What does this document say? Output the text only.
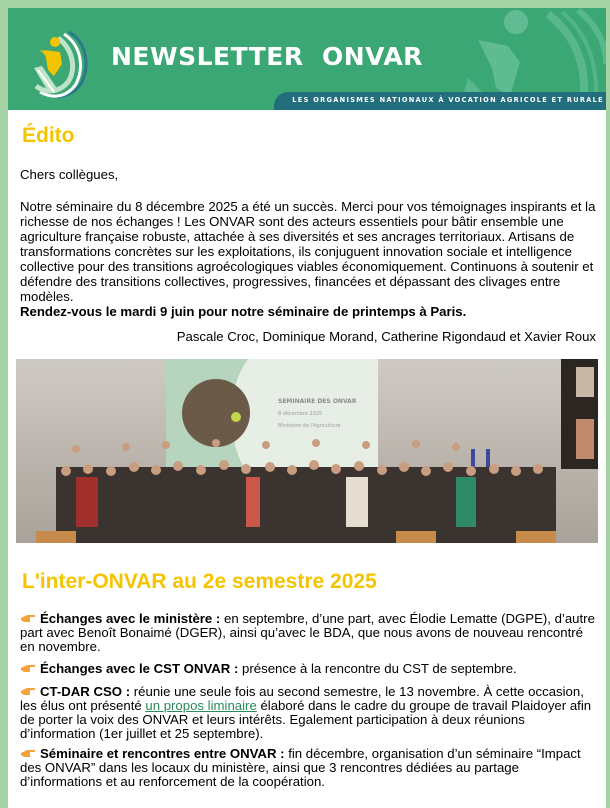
NEWSLETTER  ONVAR
LES ORGANISMES NATIONAUX À VOCATION AGRICOLE ET RURALE
Édito
Chers collègues,
Notre séminaire du 8 décembre 2025 a été un succès. Merci pour vos témoignages inspirants et la richesse de nos échanges ! Les ONVAR sont des acteurs essentiels pour bâtir ensemble une agriculture française robuste, attachée à ses diversités et ses ancrages territoriaux. Artisans de transformations concrètes sur les exploitations, ils conjuguent innovation sociale et intelligence collective pour des transitions agroécologiques viables économiquement. Continuons à soutenir et défendre des transitions collectives, progressives, financées et dépassant des clivages entre modèles.
Rendez-vous le mardi 9 juin pour notre séminaire de printemps à Paris.
Pascale Croc, Dominique Morand, Catherine Rigondaud et Xavier Roux
SEMINAIRE DES ONVAR
8 décembre 2025
Ministère de l'Agriculture
L'inter-ONVAR au 2e semestre 2025
Échanges avec le ministère : en septembre, d’une part, avec Élodie Lematte (DGPE), d’autre part avec Benoît Bonaimé (DGER), ainsi qu’avec le BDA, que nous avons de nouveau rencontré en novembre.
Échanges avec le CST ONVAR : présence à la rencontre du CST de septembre.
CT-DAR CSO : réunie une seule fois au second semestre, le 13 novembre. À cette occasion, les élus ont présenté un propos liminaire élaboré dans le cadre du groupe de travail Plaidoyer afin de porter la voix des ONVAR et leurs intérêts. Egalement participation à deux réunions d’information (1er juillet et 25 septembre).
Séminaire et rencontres entre ONVAR : fin décembre, organisation d’un séminaire “Impact des ONVAR” dans les locaux du ministère, ainsi que 3 rencontres dédiées au partage d’informations et au renforcement de la coopération.
